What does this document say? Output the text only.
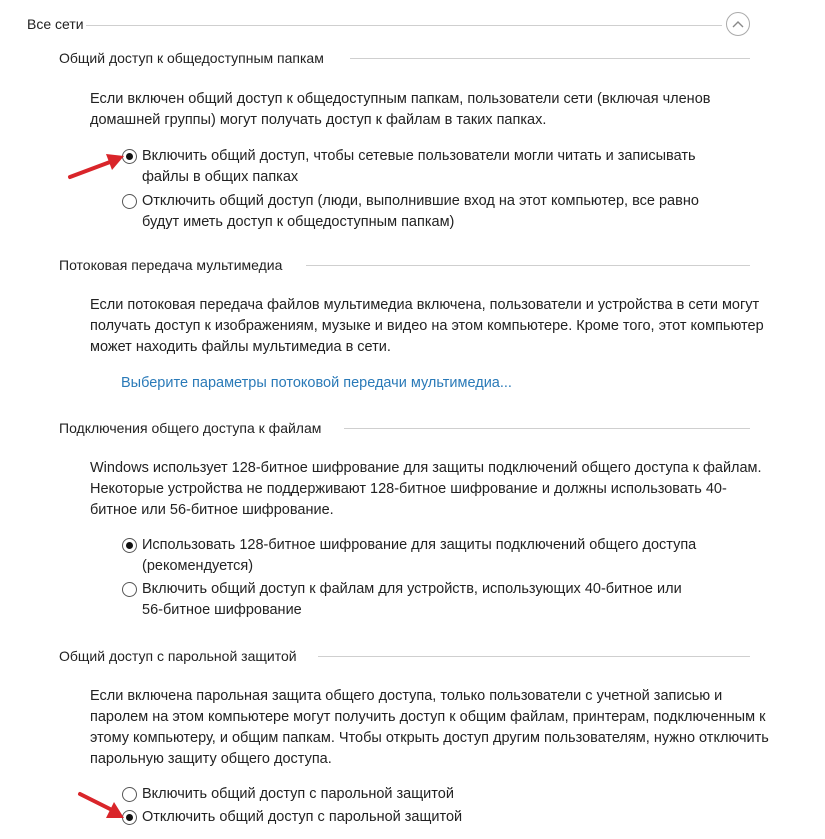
Все сети
Общий доступ к общедоступным папкам
Если включен общий доступ к общедоступным папкам, пользователи сети (включая членов домашней группы) могут получать доступ к файлам в таких папках.
Включить общий доступ, чтобы сетевые пользователи могли читать и записывать
файлы в общих папках
Отключить общий доступ (люди, выполнившие вход на этот компьютер, все равно
будут иметь доступ к общедоступным папкам)
Потоковая передача мультимедиа
Если потоковая передача файлов мультимедиа включена, пользователи и устройства в сети могут получать доступ к изображениям, музыке и видео на этом компьютере. Кроме того, этот компьютер может находить файлы мультимедиа в сети.
Выберите параметры потоковой передачи мультимедиа...
Подключения общего доступа к файлам
Windows использует 128-битное шифрование для защиты подключений общего доступа к файлам. Некоторые устройства не поддерживают 128-битное шифрование и должны использовать 40-битное или 56-битное шифрование.
Использовать 128-битное шифрование для защиты подключений общего доступа
(рекомендуется)
Включить общий доступ к файлам для устройств, использующих 40-битное или
56-битное шифрование
Общий доступ с парольной защитой
Если включена парольная защита общего доступа, только пользователи с учетной записью и паролем на этом компьютере могут получить доступ к общим файлам, принтерам, подключенным к этому компьютеру, и общим папкам. Чтобы открыть доступ другим пользователям, нужно отключить парольную защиту общего доступа.
Включить общий доступ с парольной защитой
Отключить общий доступ с парольной защитой
